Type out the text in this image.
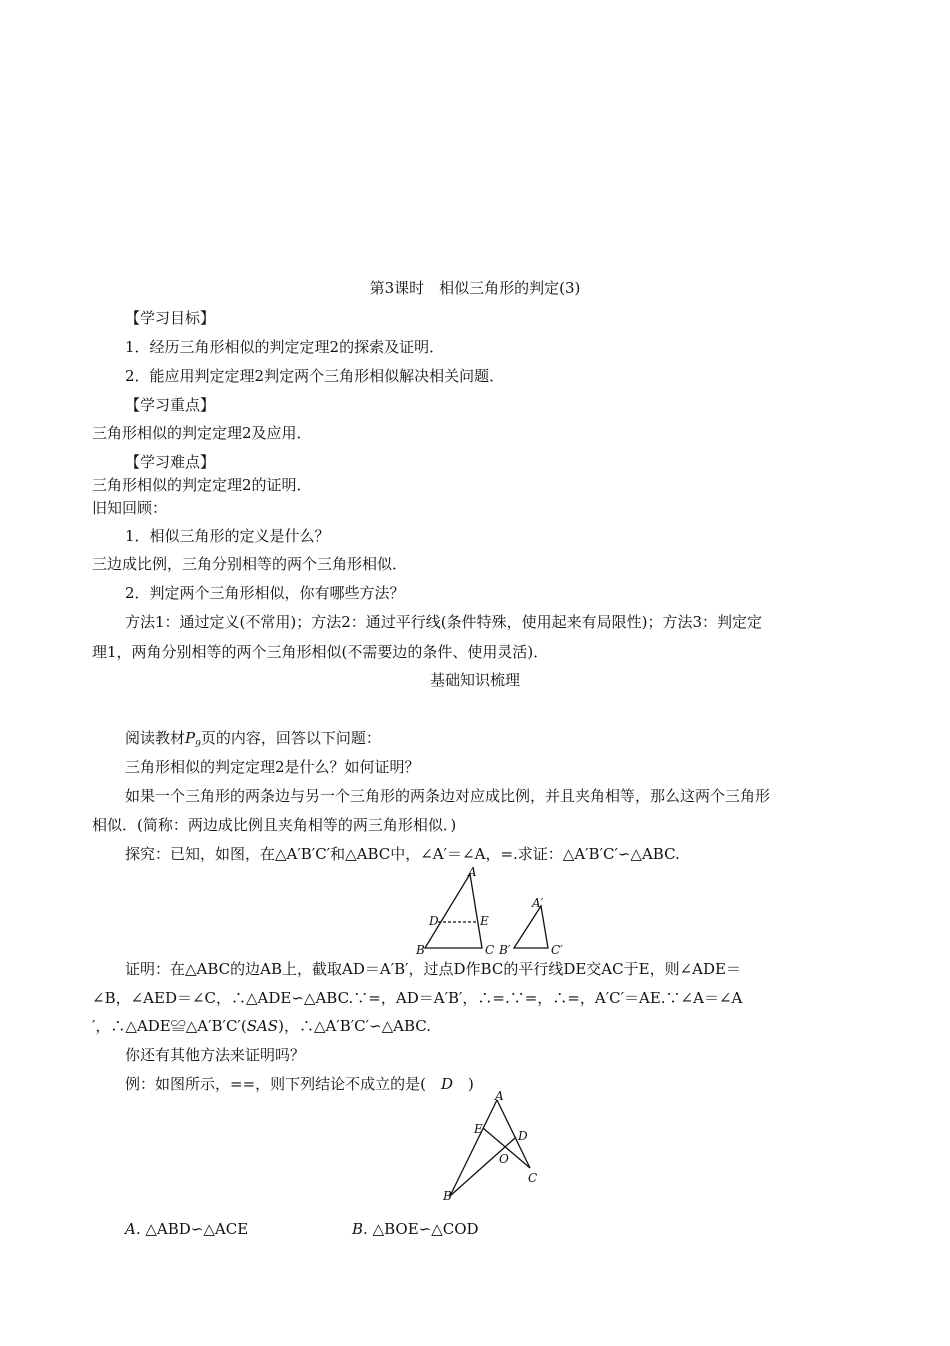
第3课时　相似三角形的判定(3)
【学习目标】
1．经历三角形相似的判定定理2的探索及证明．
2．能应用判定定理2判定两个三角形相似解决相关问题．
【学习重点】
三角形相似的判定定理2及应用．
【学习难点】
三角形相似的判定定理2的证明．
旧知回顾：
1．相似三角形的定义是什么？
三边成比例，三角分别相等的两个三角形相似．
2．判定两个三角形相似，你有哪些方法？
方法1：通过定义(不常用)；方法2：通过平行线(条件特殊，使用起来有局限性)；方法3：判定定
理1，两角分别相等的两个三角形相似(不需要边的条件、使用灵活)．
基础知识梳理
阅读教材$P_9$页的内容，回答以下问题：
三角形相似的判定定理2是什么？如何证明？
如果一个三角形的两条边与另一个三角形的两条边对应成比例，并且夹角相等，那么这两个三角形
相似．(简称：两边成比例且夹角相等的两三角形相似．)
探究：已知，如图，在△A′B′C′和△ABC中，∠A′＝∠A，=.求证：△A′B′C′∽△ABC.
A
B	C
D	E
A′
B′	C′
证明：在△ABC的边AB上，截取AD＝A′B′，过点D作BC的平行线DE交AC于E，则∠ADE＝
∠B，∠AED＝∠C，∴△ADE∽△ABC.∵=，AD＝A′B′，∴=.∵=，∴=，A′C′＝AE.∵∠A＝∠A
′，∴△ADE≌△A′B′C′(SAS)，∴△A′B′C′∽△ABC.
你还有其他方法来证明吗？
例：如图所示，==，则下列结论不成立的是(　D　)
A
E	D
O
C
B
A. △ABD∽△ACE	B. △BOE∽△COD
